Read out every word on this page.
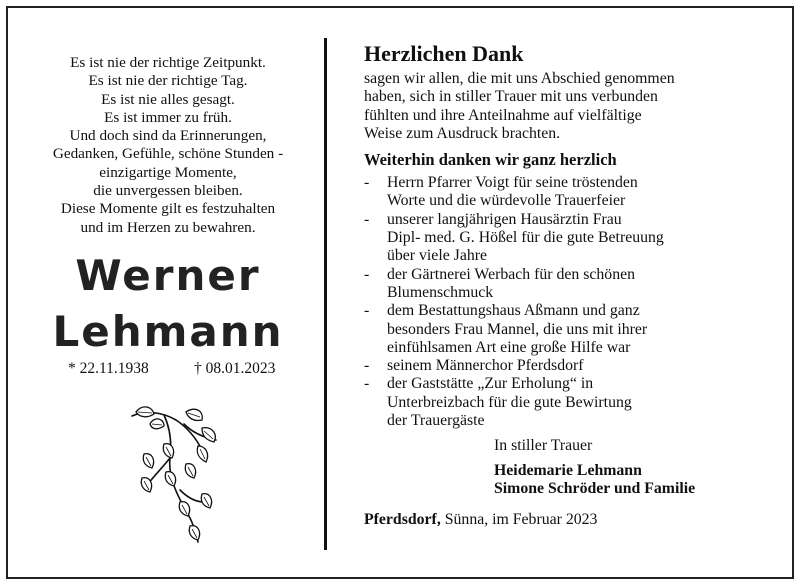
Es ist nie der richtige Zeitpunkt.
Es ist nie der richtige Tag.
Es ist nie alles gesagt.
Es ist immer zu früh.
Und doch sind da Erinnerungen,
Gedanken, Gefühle, schöne Stunden -
einzigartige Momente,
die unvergessen bleiben.
Diese Momente gilt es festzuhalten
und im Herzen zu bewahren.
Werner
Lehmann
* 22.11.1938	† 08.01.2023
Herzlichen Dank
sagen wir allen, die mit uns Abschied genommen
haben, sich in stiller Trauer mit uns verbunden
fühlten und ihre Anteilnahme auf vielfältige
Weise zum Ausdruck brachten.
Weiterhin danken wir ganz herzlich
- Herrn Pfarrer Voigt für seine tröstenden
Worte und die würdevolle Trauerfeier
- unserer langjährigen Hausärztin Frau
Dipl- med. G. Hößel für die gute Betreuung
über viele Jahre
- der Gärtnerei Werbach für den schönen
Blumenschmuck
- dem Bestattungshaus Aßmann und ganz
besonders Frau Mannel, die uns mit ihrer
einfühlsamen Art eine große Hilfe war
- seinem Männerchor Pferdsdorf
- der Gaststätte „Zur Erholung“ in
Unterbreizbach für die gute Bewirtung
der Trauergäste
In stiller Trauer
Heidemarie Lehmann
Simone Schröder und Familie
Pferdsdorf, Sünna, im Februar 2023
